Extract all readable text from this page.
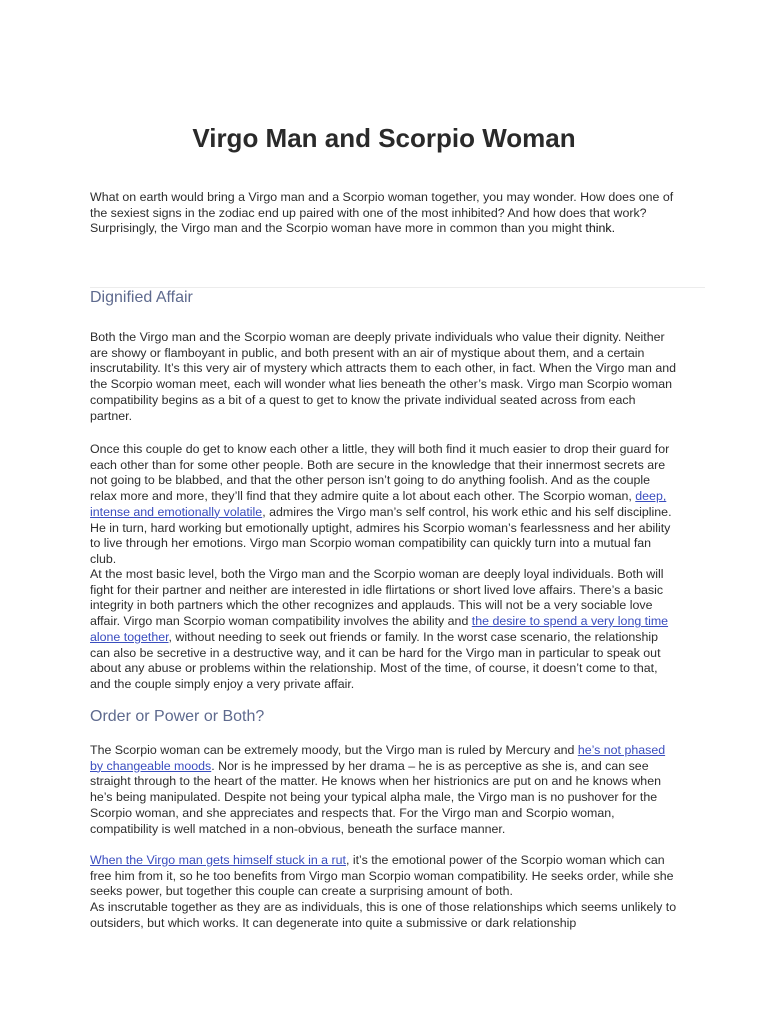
Virgo Man and Scorpio Woman

What on earth would bring a Virgo man and a Scorpio woman together, you may wonder. How does one of the sexiest signs in the zodiac end up paired with one of the most inhibited? And how does that work? Surprisingly, the Virgo man and the Scorpio woman have more in common than you might think.

Dignified Affair

Both the Virgo man and the Scorpio woman are deeply private individuals who value their dignity. Neither are showy or flamboyant in public, and both present with an air of mystique about them, and a certain inscrutability. It’s this very air of mystery which attracts them to each other, in fact. When the Virgo man and the Scorpio woman meet, each will wonder what lies beneath the other’s mask. Virgo man Scorpio woman compatibility begins as a bit of a quest to get to know the private individual seated across from each partner.

Once this couple do get to know each other a little, they will both find it much easier to drop their guard for each other than for some other people. Both are secure in the knowledge that their innermost secrets are not going to be blabbed, and that the other person isn’t going to do anything foolish. And as the couple relax more and more, they’ll find that they admire quite a lot about each other. The Scorpio woman, deep, intense and emotionally volatile, admires the Virgo man’s self control, his work ethic and his self discipline. He in turn, hard working but emotionally uptight, admires his Scorpio woman’s fearlessness and her ability to live through her emotions. Virgo man Scorpio woman compatibility can quickly turn into a mutual fan club.

At the most basic level, both the Virgo man and the Scorpio woman are deeply loyal individuals. Both will fight for their partner and neither are interested in idle flirtations or short lived love affairs. There’s a basic integrity in both partners which the other recognizes and applauds. This will not be a very sociable love affair. Virgo man Scorpio woman compatibility involves the ability and the desire to spend a very long time alone together, without needing to seek out friends or family. In the worst case scenario, the relationship can also be secretive in a destructive way, and it can be hard for the Virgo man in particular to speak out about any abuse or problems within the relationship. Most of the time, of course, it doesn’t come to that, and the couple simply enjoy a very private affair.

Order or Power or Both?

The Scorpio woman can be extremely moody, but the Virgo man is ruled by Mercury and he’s not phased by changeable moods. Nor is he impressed by her drama – he is as perceptive as she is, and can see straight through to the heart of the matter. He knows when her histrionics are put on and he knows when he’s being manipulated. Despite not being your typical alpha male, the Virgo man is no pushover for the Scorpio woman, and she appreciates and respects that. For the Virgo man and Scorpio woman, compatibility is well matched in a non-obvious, beneath the surface manner.

When the Virgo man gets himself stuck in a rut, it’s the emotional power of the Scorpio woman which can free him from it, so he too benefits from Virgo man Scorpio woman compatibility. He seeks order, while she seeks power, but together this couple can create a surprising amount of both.

As inscrutable together as they are as individuals, this is one of those relationships which seems unlikely to outsiders, but which works. It can degenerate into quite a submissive or dark relationship
